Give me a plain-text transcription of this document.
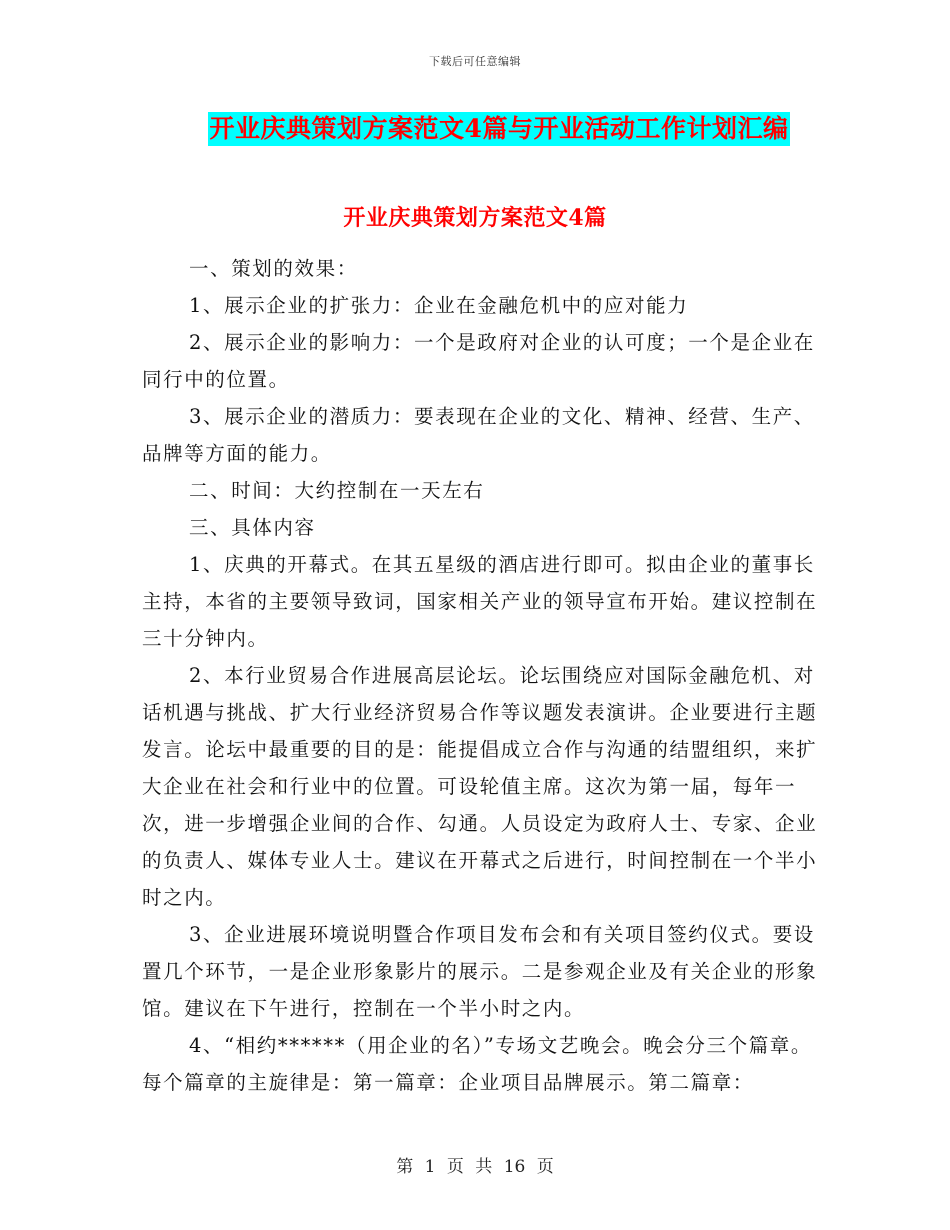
下载后可任意编辑
开业庆典策划方案范文4篇与开业活动工作计划汇编
开业庆典策划方案范文4篇

一、策划的效果：

1、展示企业的扩张力：企业在金融危机中的应对能力

2、展示企业的影响力：一个是政府对企业的认可度；一个是企业在同行中的位置。

3、展示企业的潜质力：要表现在企业的文化、精神、经营、生产、品牌等方面的能力。

二、时间：大约控制在一天左右

三、具体内容

1、庆典的开幕式。在其五星级的酒店进行即可。拟由企业的董事长主持，本省的主要领导致词，国家相关产业的领导宣布开始。建议控制在三十分钟内。

2、本行业贸易合作进展高层论坛。论坛围绕应对国际金融危机、对话机遇与挑战、扩大行业经济贸易合作等议题发表演讲。企业要进行主题发言。论坛中最重要的目的是：能提倡成立合作与沟通的结盟组织，来扩大企业在社会和行业中的位置。可设轮值主席。这次为第一届，每年一次，进一步增强企业间的合作、勾通。人员设定为政府人士、专家、企业的负责人、媒体专业人士。建议在开幕式之后进行，时间控制在一个半小时之内。

3、企业进展环境说明暨合作项目发布会和有关项目签约仪式。要设置几个环节，一是企业形象影片的展示。二是参观企业及有关企业的形象馆。建议在下午进行，控制在一个半小时之内。

4、“相约******（用企业的名）”专场文艺晚会。晚会分三个篇章。每个篇章的主旋律是：第一篇章：企业项目品牌展示。第二篇章：

第 1 页 共 16 页
